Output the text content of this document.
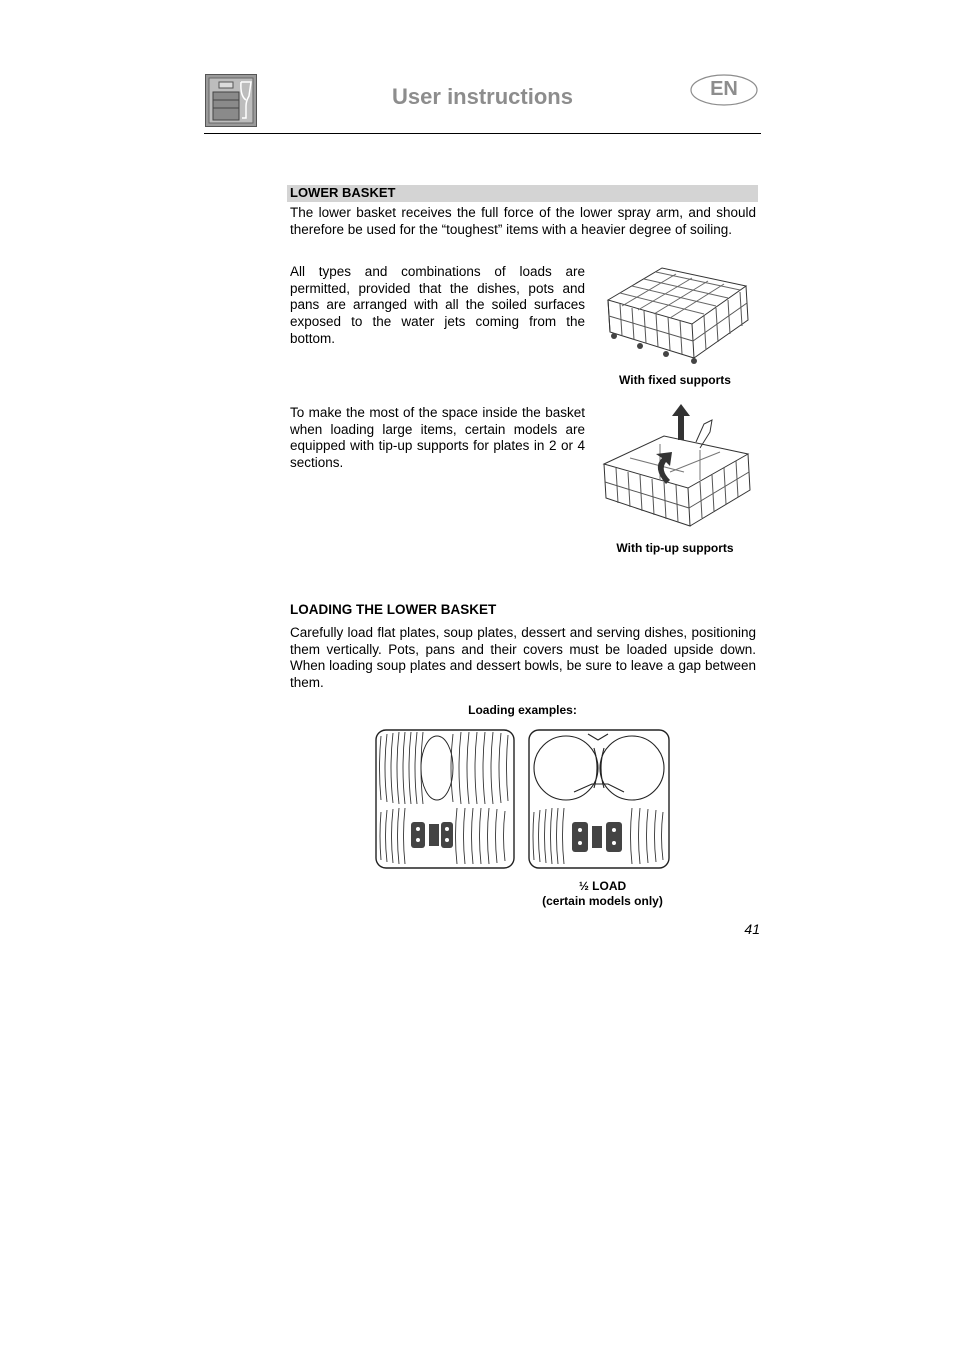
User instructions	EN
LOWER BASKET
The lower basket receives the full force of the lower spray arm, and should therefore be used for the “toughest” items with a heavier degree of soiling.
All types and combinations of loads are permitted, provided that the dishes, pots and pans are arranged with all the soiled surfaces exposed to the water jets coming from the bottom.
With fixed supports
To make the most of the space inside the basket when loading large items, certain models are equipped with tip-up supports for plates in 2 or 4 sections.
With tip-up supports
LOADING THE LOWER BASKET
Carefully load flat plates, soup plates, dessert and serving dishes, positioning them vertically. Pots, pans and their covers must be loaded upside down. When loading soup plates and dessert bowls, be sure to leave a gap between them.
Loading examples:
½ LOAD
(certain models only)
41
